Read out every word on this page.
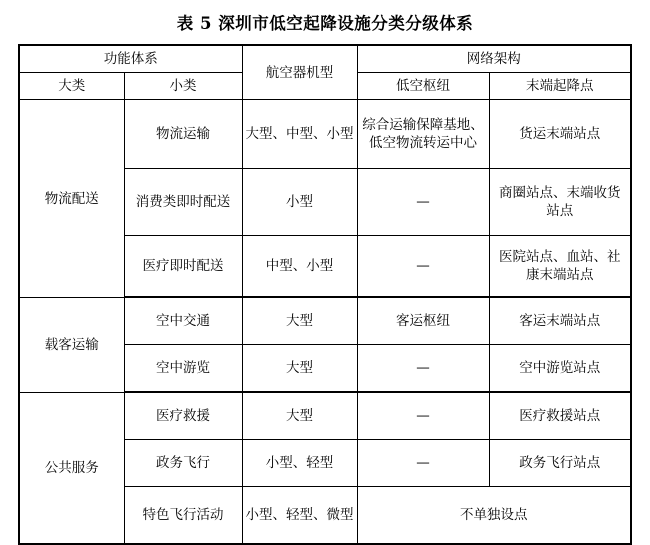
表 5 深圳市低空起降设施分类分级体系
功能体系		航空器机型	网络架构	
大类	小类		低空枢纽	末端起降点
物流配送	物流运输	大型、中型、小型	综合运输保障基地、低空物流转运中心	货运末端站点
	消费类即时配送	小型	—	商圈站点、末端收货站点
	医疗即时配送	中型、小型	—	医院站点、血站、社康末端站点
载客运输	空中交通	大型	客运枢纽	客运末端站点
	空中游览	大型	—	空中游览站点
公共服务	医疗救援	大型	—	医疗救援站点
	政务飞行	小型、轻型	—	政务飞行站点
	特色飞行活动	小型、轻型、微型	不单独设点	
